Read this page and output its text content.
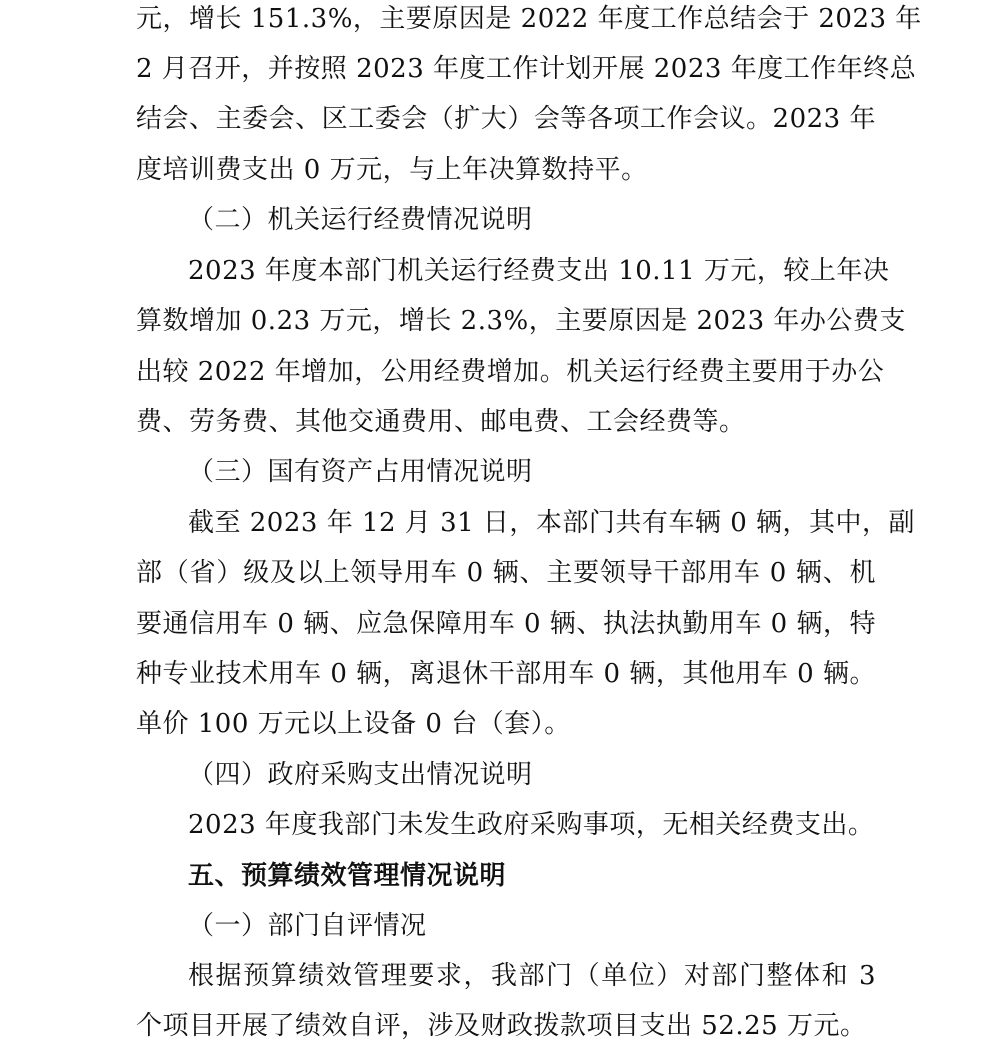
元，增长 151.3%，主要原因是 2022 年度工作总结会于 2023 年
2 月召开，并按照 2023 年度工作计划开展 2023 年度工作年终总
结会、主委会、区工委会（扩大）会等各项工作会议。2023 年
度培训费支出 0 万元，与上年决算数持平。
（二）机关运行经费情况说明
2023 年度本部门机关运行经费支出 10.11 万元，较上年决
算数增加 0.23 万元，增长 2.3%，主要原因是 2023 年办公费支
出较 2022 年增加，公用经费增加。机关运行经费主要用于办公
费、劳务费、其他交通费用、邮电费、工会经费等。
（三）国有资产占用情况说明
截至 2023 年 12 月 31 日，本部门共有车辆 0 辆，其中，副
部（省）级及以上领导用车 0 辆、主要领导干部用车 0 辆、机
要通信用车 0 辆、应急保障用车 0 辆、执法执勤用车 0 辆，特
种专业技术用车 0 辆，离退休干部用车 0 辆，其他用车 0 辆。
单价 100 万元以上设备 0 台（套）。
（四）政府采购支出情况说明
2023 年度我部门未发生政府采购事项，无相关经费支出。
五、预算绩效管理情况说明
（一）部门自评情况
根据预算绩效管理要求，我部门（单位）对部门整体和 3
个项目开展了绩效自评，涉及财政拨款项目支出 52.25 万元。
